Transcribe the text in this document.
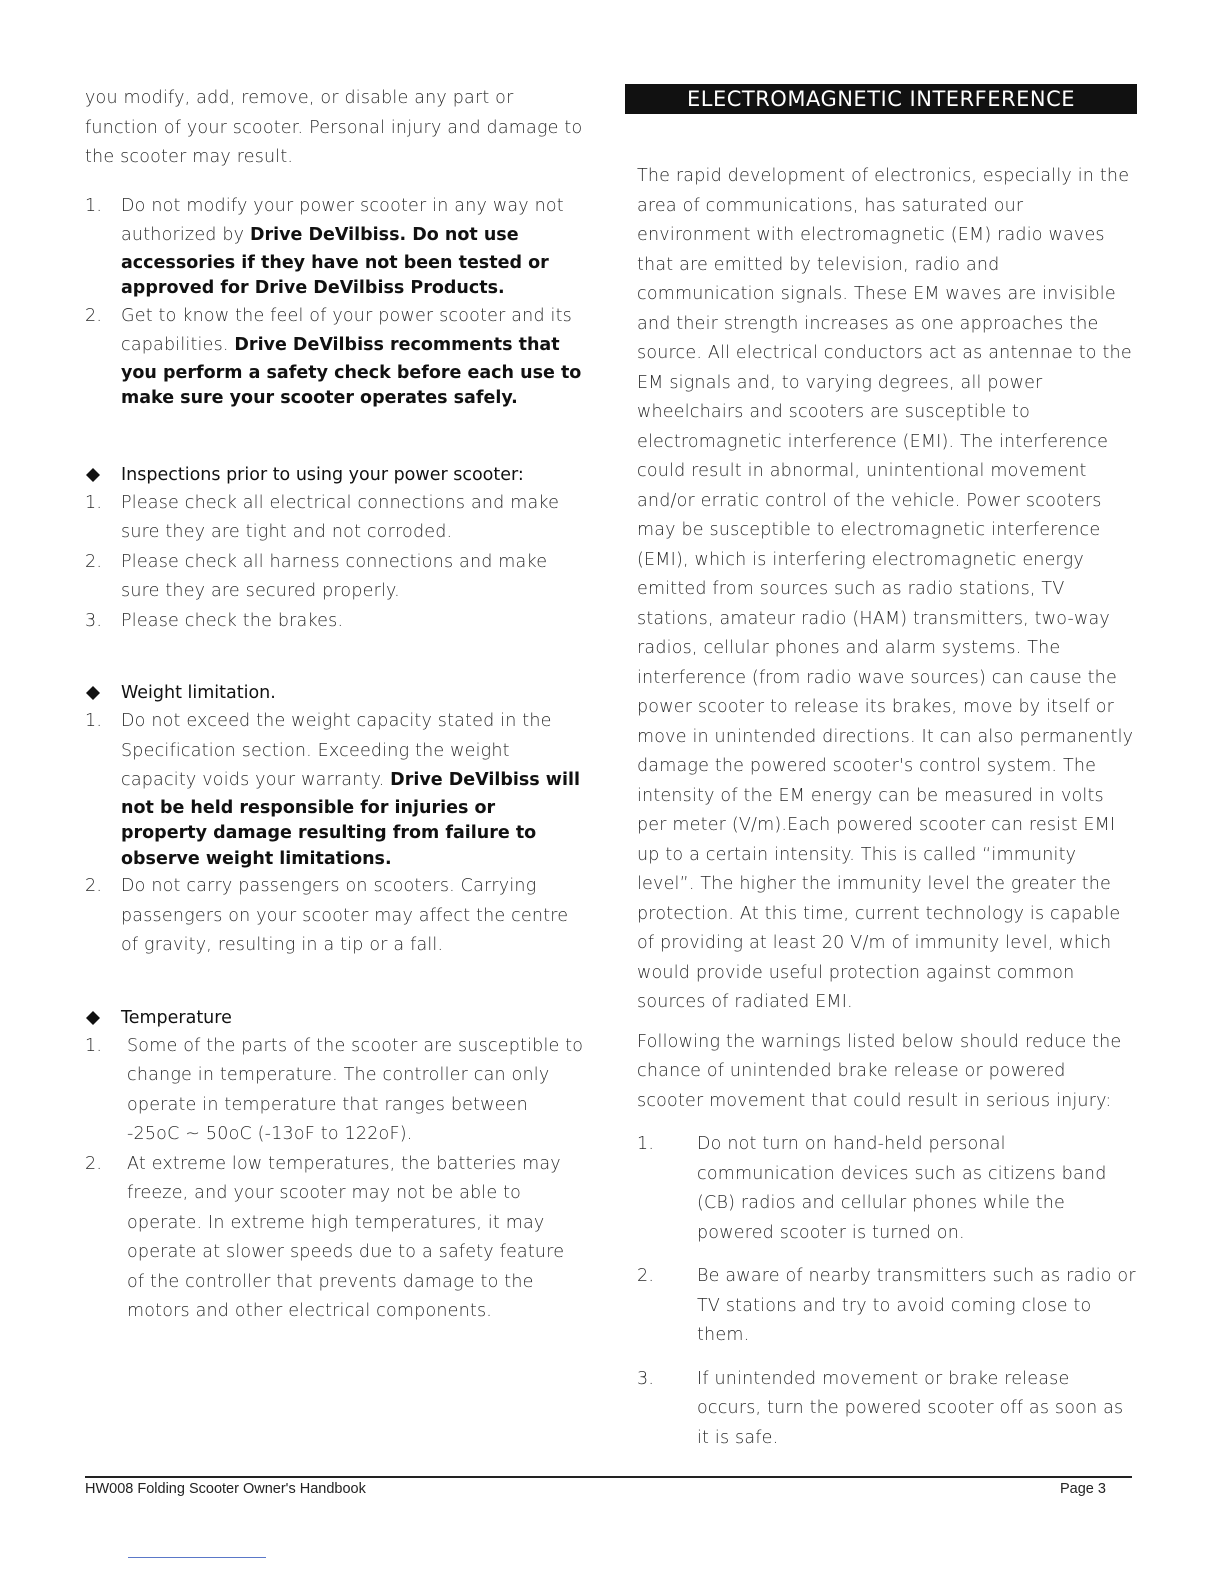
you modify, add, remove, or disable any part or function of your scooter. Personal injury and damage to the scooter may result.

1. Do not modify your power scooter in any way not authorized by Drive DeVilbiss. Do not use accessories if they have not been tested or approved for Drive DeVilbiss Products.
2. Get to know the feel of your power scooter and its capabilities. Drive DeVilbiss recomments that you perform a safety check before each use to make sure your scooter operates safely.
Inspections prior to using your power scooter:
1. Please check all electrical connections and make sure they are tight and not corroded.
2. Please check all harness connections and make sure they are secured properly.
3. Please check the brakes.
Weight limitation.
1. Do not exceed the weight capacity stated in the Specification section. Exceeding the weight capacity voids your warranty. Drive DeVilbiss will not be held responsible for injuries or property damage resulting from failure to observe weight limitations.
2. Do not carry passengers on scooters. Carrying passengers on your scooter may affect the centre of gravity, resulting in a tip or a fall.
Temperature
1. Some of the parts of the scooter are susceptible to change in temperature. The controller can only operate in temperature that ranges between -25oC ~ 50oC (-13oF to 122oF).
2. At extreme low temperatures, the batteries may freeze, and your scooter may not be able to operate. In extreme high temperatures, it may operate at slower speeds due to a safety feature of the controller that prevents damage to the motors and other electrical components.
ELECTROMAGNETIC INTERFERENCE

The rapid development of electronics, especially in the area of communications, has saturated our environment with electromagnetic (EM) radio waves that are emitted by television, radio and communication signals. These EM waves are invisible and their strength increases as one approaches the source. All electrical conductors act as antennae to the EM signals and, to varying degrees, all power wheelchairs and scooters are susceptible to electromagnetic interference (EMI). The interference could result in abnormal, unintentional movement and/or erratic control of the vehicle. Power scooters may be susceptible to electromagnetic interference (EMI), which is interfering electromagnetic energy emitted from sources such as radio stations, TV stations, amateur radio (HAM) transmitters, two-way radios, cellular phones and alarm systems. The interference (from radio wave sources) can cause the power scooter to release its brakes, move by itself or move in unintended directions. It can also permanently damage the powered scooter's control system. The intensity of the EM energy can be measured in volts per meter (V/m).Each powered scooter can resist EMI up to a certain intensity. This is called “immunity level”. The higher the immunity level the greater the protection. At this time, current technology is capable of providing at least 20 V/m of immunity level, which would provide useful protection against common sources of radiated EMI.

Following the warnings listed below should reduce the chance of unintended brake release or powered scooter movement that could result in serious injury:

1. Do not turn on hand-held personal communication devices such as citizens band (CB) radios and cellular phones while the powered scooter is turned on.
2. Be aware of nearby transmitters such as radio or TV stations and try to avoid coming close to them.
3. If unintended movement or brake release occurs, turn the powered scooter off as soon as it is safe.
HW008 Folding Scooter Owner's Handbook	Page 3
